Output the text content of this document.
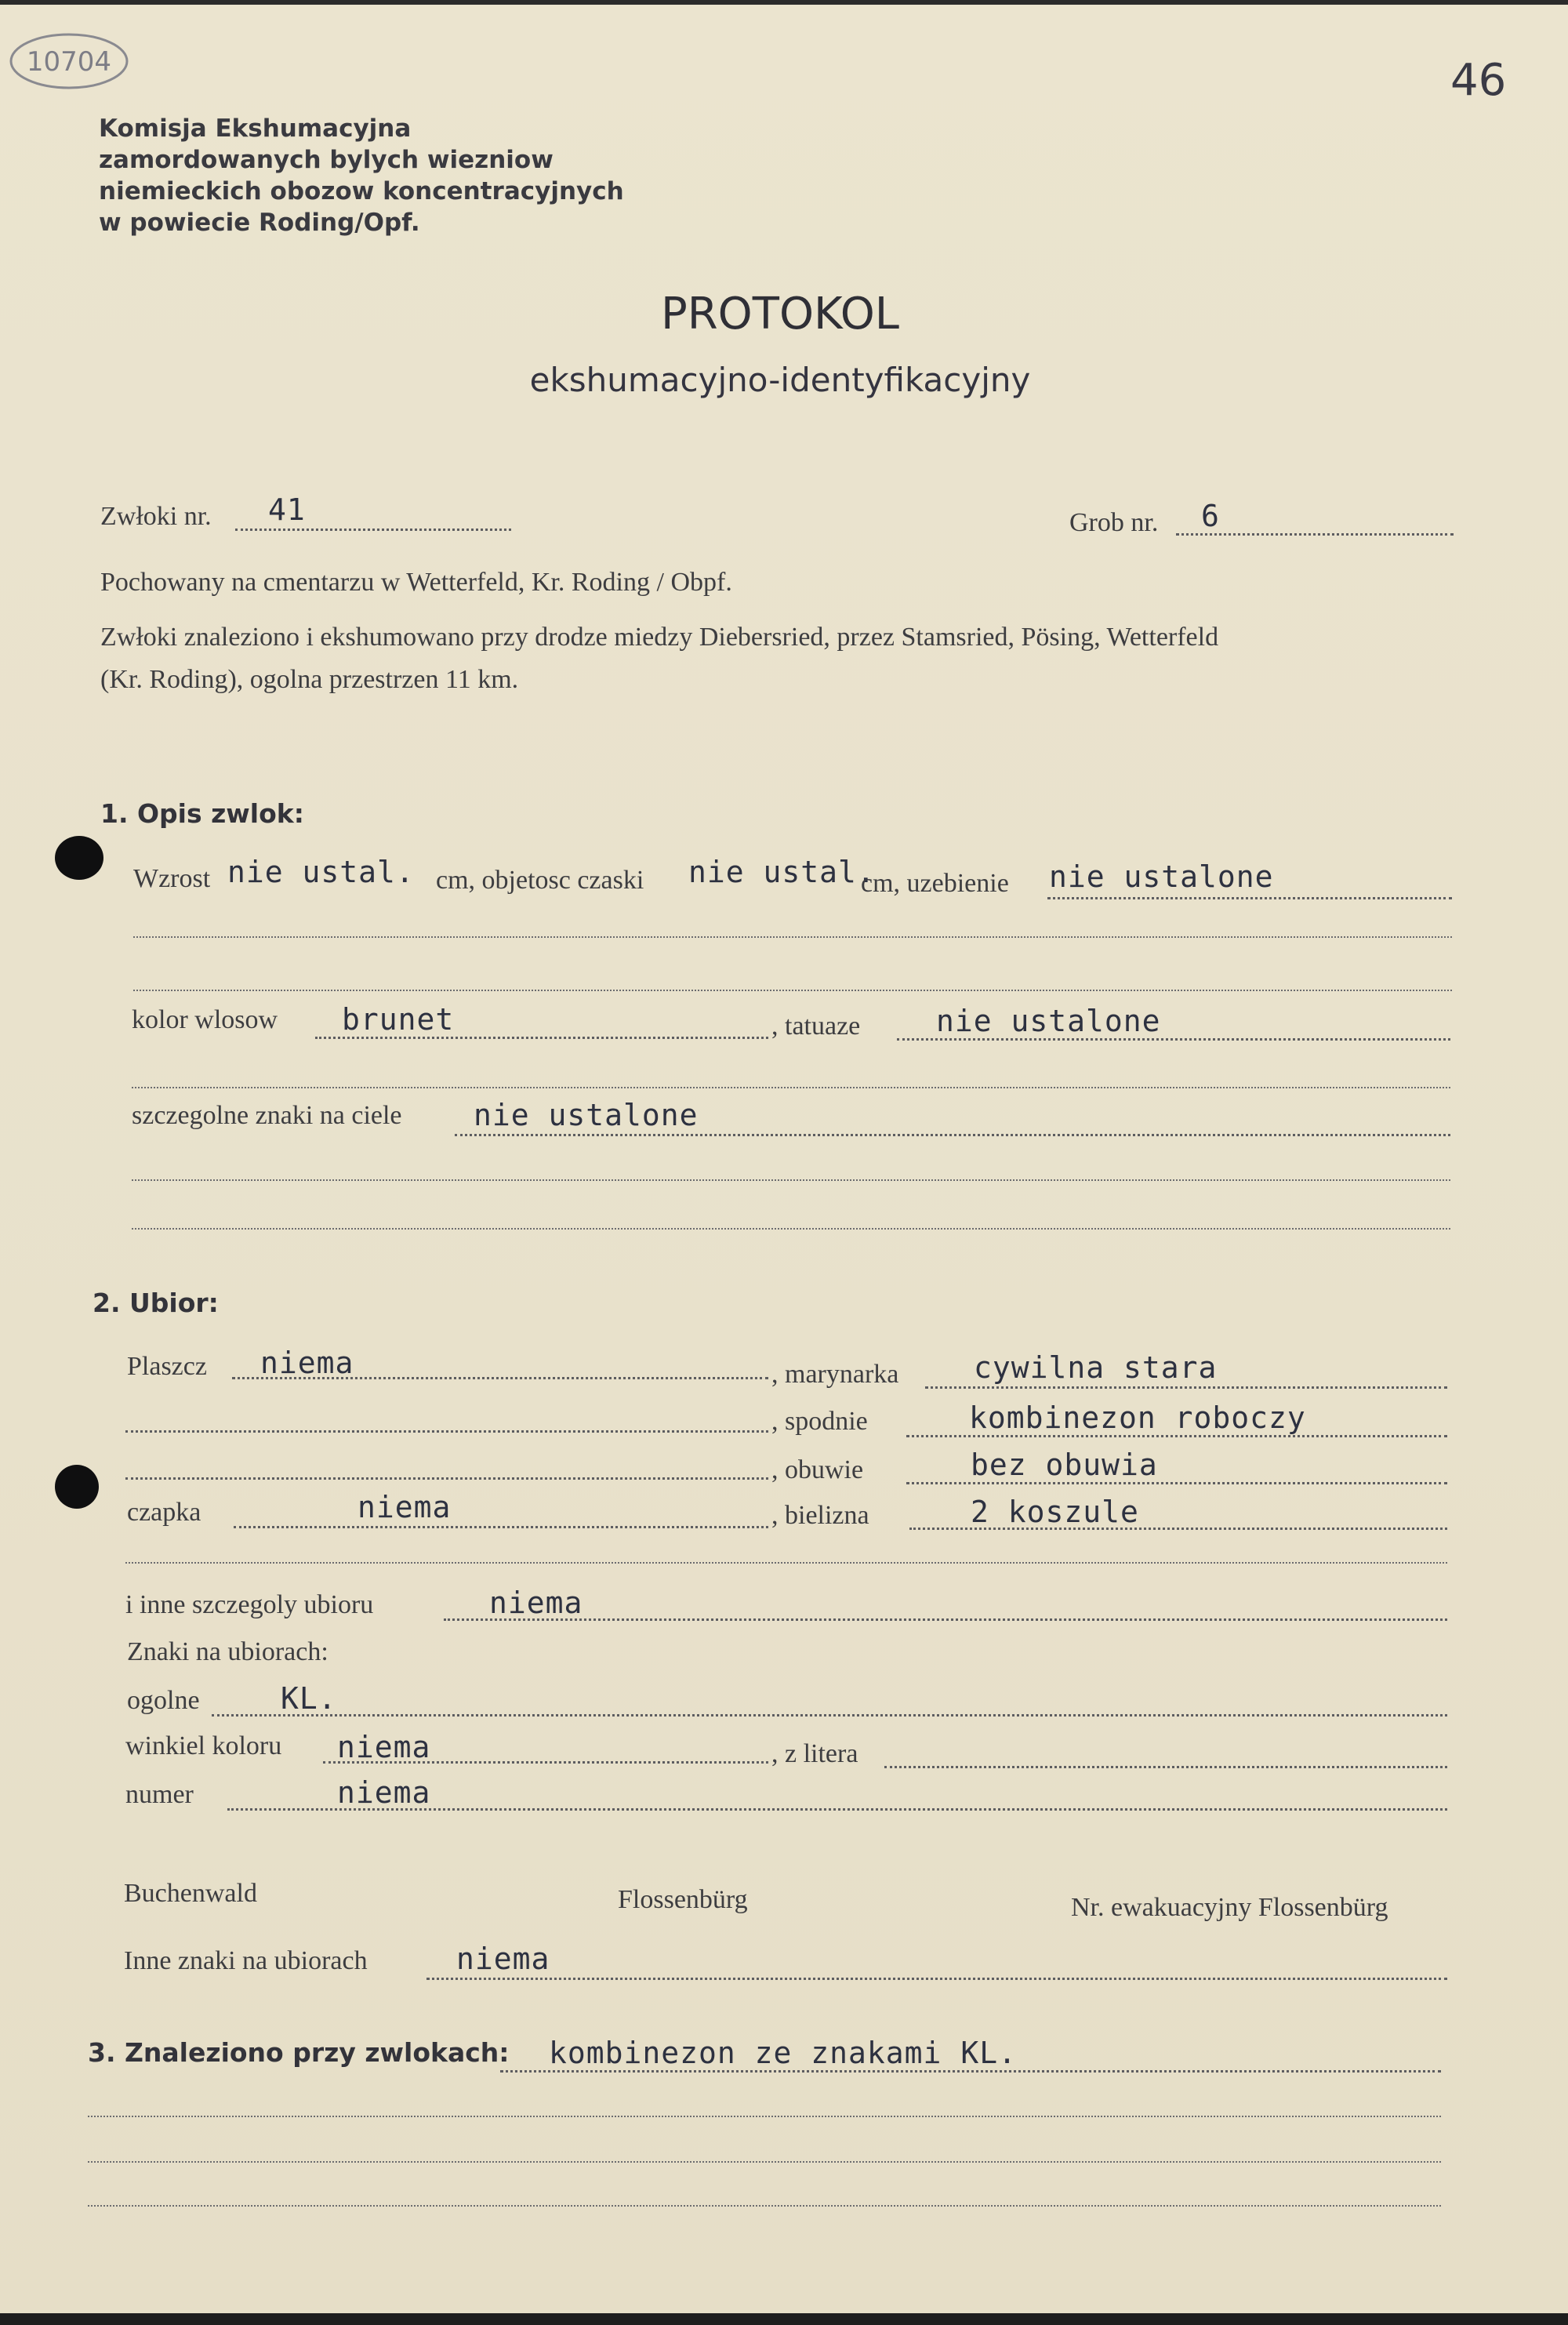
10704	46
Komisja Ekshumacyjna
zamordowanych bylych wiezniow
niemieckich obozow koncentracyjnych
w powiecie Roding/Opf.
PROTOKOL
ekshumacyjno-identyfikacyjny
Zwłoki nr. 41	Grob nr. 6
Pochowany na cmentarzu w Wetterfeld, Kr. Roding / Obpf.
Zwłoki znaleziono i ekshumowano przy drodze miedzy Diebersried, przez Stamsried, Pösing, Wetterfeld
(Kr. Roding), ogolna przestrzen 11 km.
1. Opis zwlok:
Wzrost nie ustal. cm, objetosc czaski nie ustal.
cm, uzebienie nie ustalone
kolor wlosow brunet	, tatuaze	nie ustalone
szczegolne znaki na ciele nie ustalone
2. Ubior:
Plaszcz niema	, marynarka	cywilna stara
, spodnie	kombinezon roboczy
, obuwie	bez obuwia
czapka	niema	, bielizna	2 koszule
i inne szczegoly ubioru	niema
Znaki na ubiorach:
ogolne	KL.
winkiel koloru niema	, z litera
numer	niema
Buchenwald	Flossenbürg	Nr. ewakuacyjny Flossenbürg
Inne znaki na ubiorach	niema
3. Znaleziono przy zwlokach: kombinezon ze znakami KL.
